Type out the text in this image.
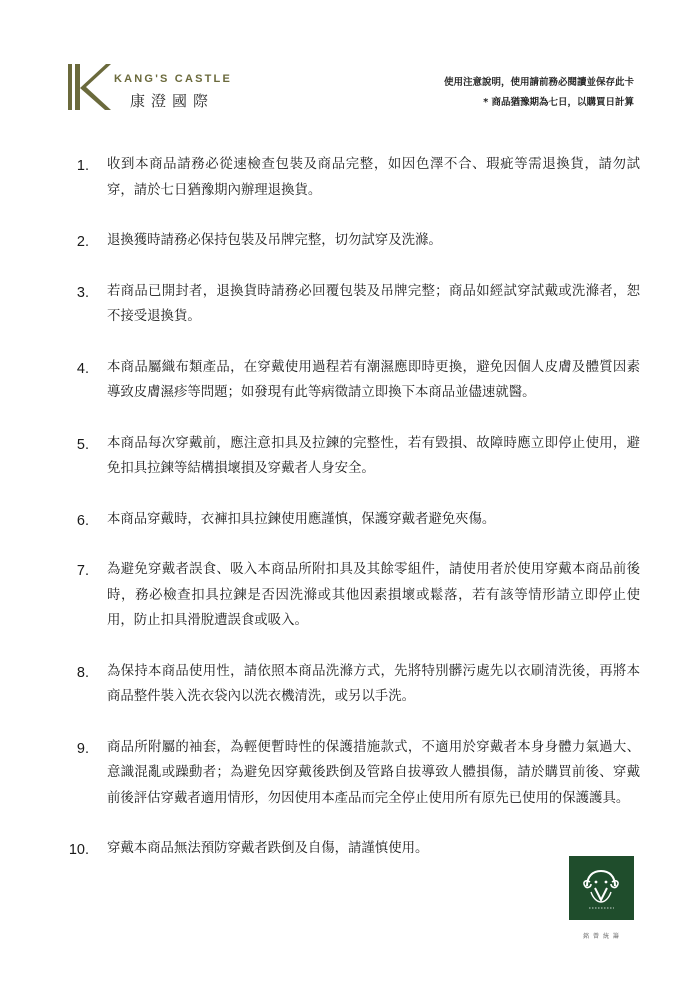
KANG'S CASTLE
康澄國際
使用注意說明，使用請前務必閱讀並保存此卡
* 商品猶豫期為七日，以購買日計算
1. 收到本商品請務必從速檢查包裝及商品完整，如因色澤不合、瑕疵等需退換貨，請勿試穿，請於七日猶豫期內辦理退換貨。
2. 退換獲時請務必保持包裝及吊牌完整，切勿試穿及洗滌。
3. 若商品已開封者，退換貨時請務必回覆包裝及吊牌完整；商品如經試穿試戴或洗滌者，恕不接受退換貨。
4. 本商品屬織布類產品，在穿戴使用過程若有潮濕應即時更換，避免因個人皮膚及體質因素導致皮膚濕疹等問題；如發現有此等病徵請立即換下本商品並儘速就醫。
5. 本商品每次穿戴前，應注意扣具及拉鍊的完整性，若有毀損、故障時應立即停止使用，避免扣具拉鍊等結構損壞損及穿戴者人身安全。
6. 本商品穿戴時，衣褲扣具拉鍊使用應謹慎，保護穿戴者避免夾傷。
7. 為避免穿戴者誤食、吸入本商品所附扣具及其餘零組件，請使用者於使用穿戴本商品前後時，務必檢查扣具拉鍊是否因洗滌或其他因素損壞或鬆落，若有該等情形請立即停止使用，防止扣具滑脫遭誤食或吸入。
8. 為保持本商品使用性，請依照本商品洗滌方式，先將特別髒污處先以衣刷清洗後，再將本商品整件裝入洗衣袋內以洗衣機清洗，或另以手洗。
9. 商品所附屬的袖套，為輕便暫時性的保護措施款式，不適用於穿戴者本身身體力氣過大、意識混亂或躁動者；為避免因穿戴後跌倒及管路自拔導致人體損傷，請於購買前後、穿戴前後評估穿戴者適用情形，勿因使用本產品而完全停止使用所有原先已使用的保護護具。
10. 穿戴本商品無法預防穿戴者跌倒及自傷，請謹慎使用。
銘 曾 統 籌
